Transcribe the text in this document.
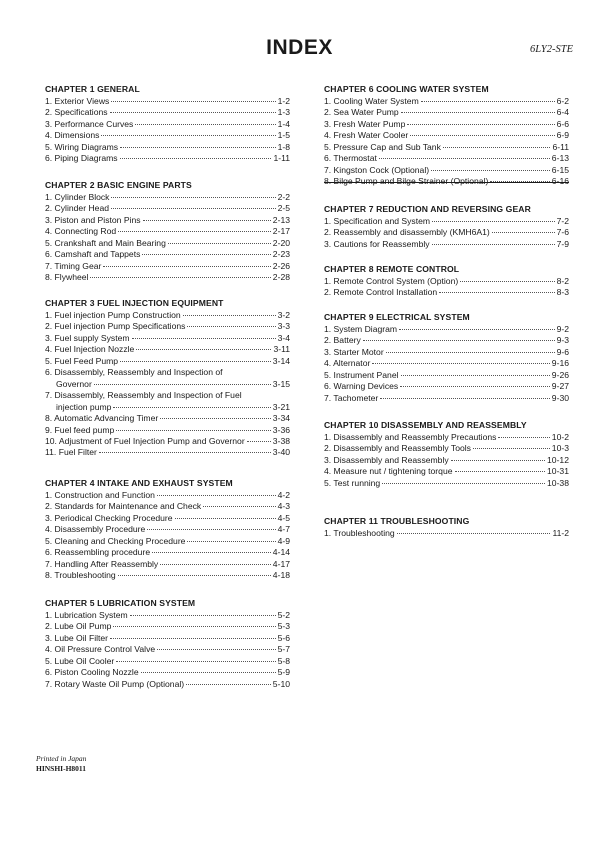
INDEX	6LY2-STE
CHAPTER 1 GENERAL
1. Exterior Views	1-2
2. Specifications	1-3
3. Performance Curves	1-4
4. Dimensions	1-5
5. Wiring Diagrams	1-8
6. Piping Diagrams	1-11
CHAPTER 2 BASIC ENGINE PARTS
1. Cylinder Block	2-2
2. Cylinder Head	2-5
3. Piston and Piston Pins	2-13
4. Connecting Rod	2-17
5. Crankshaft and Main Bearing	2-20
6. Camshaft and Tappets	2-23
7. Timing Gear	2-26
8. Flywheel	2-28
CHAPTER 3 FUEL INJECTION EQUIPMENT
1. Fuel injection Pump Construction	3-2
2. Fuel injection Pump Specifications	3-3
3. Fuel supply System	3-4
4. Fuel Injection Nozzle	3-11
5. Fuel Feed Pump	3-14
6. Disassembly, Reassembly and Inspection of
Governor	3-15
7. Disassembly, Reassembly and Inspection of Fuel
injection pump	3-21
8. Automatic Advancing Timer	3-34
9. Fuel feed pump	3-36
10. Adjustment of Fuel Injection Pump and Governor	3-38
11. Fuel Filter	3-40
CHAPTER 4 INTAKE AND EXHAUST SYSTEM
1. Construction and Function	4-2
2. Standards for Maintenance and Check	4-3
3. Periodical Checking Procedure	4-5
4. Disassembly Procedure	4-7
5. Cleaning and Checking Procedure	4-9
6. Reassembling procedure	4-14
7. Handling After Reassembly	4-17
8. Troubleshooting	4-18
CHAPTER 5 LUBRICATION SYSTEM
1. Lubrication System	5-2
2. Lube Oil Pump	5-3
3. Lube Oil Filter	5-6
4. Oil Pressure Control Valve	5-7
5. Lube Oil Cooler	5-8
6. Piston Cooling Nozzle	5-9
7. Rotary Waste Oil Pump (Optional)	5-10
CHAPTER 6 COOLING WATER SYSTEM
1. Cooling Water System	6-2
2. Sea Water Pump	6-4
3. Fresh Water Pump	6-6
4. Fresh Water Cooler	6-9
5. Pressure Cap and Sub Tank	6-11
6. Thermostat	6-13
7. Kingston Cock (Optional)	6-15
8. Bilge Pump and Bilge Strainer (Optional)	6-16
CHAPTER 7 REDUCTION AND REVERSING GEAR
1. Specification and System	7-2
2. Reassembly and disassembly (KMH6A1)	7-6
3. Cautions for Reassembly	7-9
CHAPTER 8 REMOTE CONTROL
1. Remote Control System (Option)	8-2
2. Remote Control Installation	8-3
CHAPTER 9 ELECTRICAL SYSTEM
1. System Diagram	9-2
2. Battery	9-3
3. Starter Motor	9-6
4. Alternator	9-16
5. Instrument Panel	9-26
6. Warning Devices	9-27
7. Tachometer	9-30
CHAPTER 10 DISASSEMBLY AND REASSEMBLY
1. Disassembly and Reassembly Precautions	10-2
2. Disassembly and Reassembly Tools	10-3
3. Disassembly and Reassembly	10-12
4. Measure nut / tightening torque	10-31
5. Test running	10-38
CHAPTER 11 TROUBLESHOOTING
1. Troubleshooting	11-2
Printed in Japan
HINSHI-H8011
